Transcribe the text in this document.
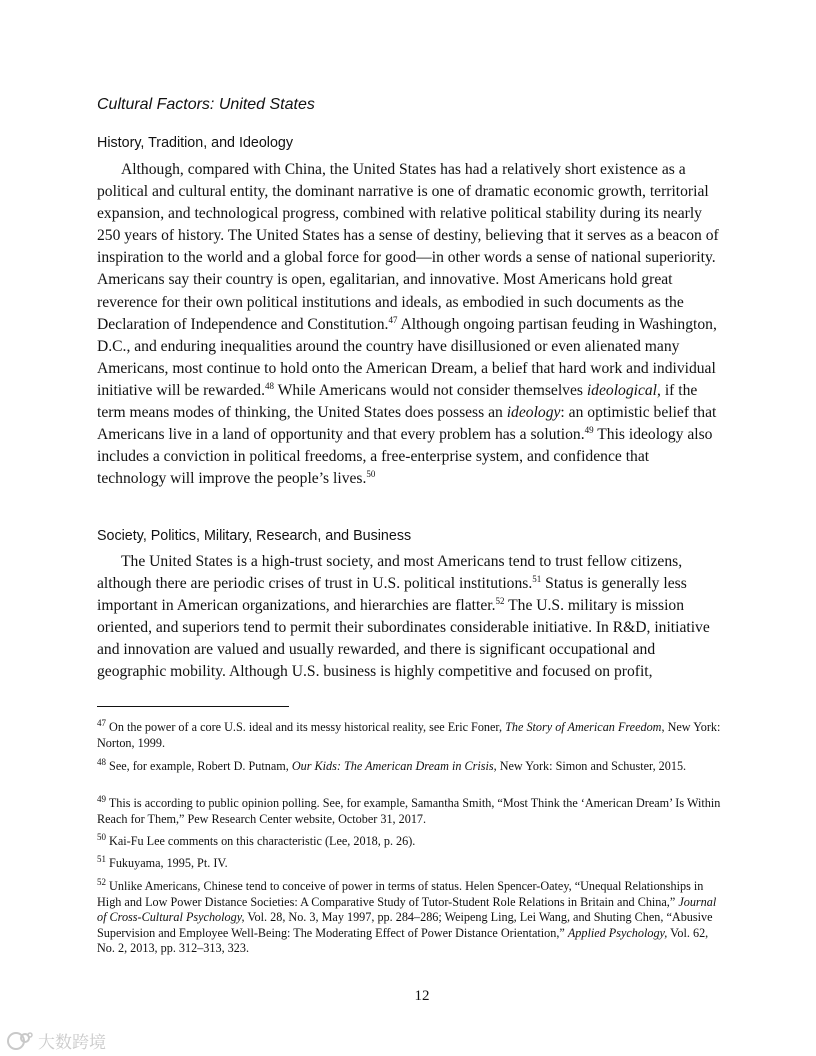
Cultural Factors: United States
History, Tradition, and Ideology

Although, compared with China, the United States has had a relatively short existence as a political and cultural entity, the dominant narrative is one of dramatic economic growth, territorial expansion, and technological progress, combined with relative political stability during its nearly 250 years of history. The United States has a sense of destiny, believing that it serves as a beacon of inspiration to the world and a global force for good—in other words a sense of national superiority. Americans say their country is open, egalitarian, and innovative. Most Americans hold great reverence for their own political institutions and ideals, as embodied in such documents as the Declaration of Independence and Constitution.$^{47}$ Although ongoing partisan feuding in Washington, D.C., and enduring inequalities around the country have disillusioned or even alienated many Americans, most continue to hold onto the American Dream, a belief that hard work and individual initiative will be rewarded.$^{48}$ While Americans would not consider themselves ideological, if the term means modes of thinking, the United States does possess an ideology: an optimistic belief that Americans live in a land of opportunity and that every problem has a solution.$^{49}$ This ideology also includes a conviction in political freedoms, a free-enterprise system, and confidence that technology will improve the people’s lives.$^{50}$

Society, Politics, Military, Research, and Business

The United States is a high-trust society, and most Americans tend to trust fellow citizens, although there are periodic crises of trust in U.S. political institutions.$^{51}$ Status is generally less important in American organizations, and hierarchies are flatter.$^{52}$ The U.S. military is mission oriented, and superiors tend to permit their subordinates considerable initiative. In R&D, initiative and innovation are valued and usually rewarded, and there is significant occupational and geographic mobility. Although U.S. business is highly competitive and focused on profit,

$^{47}$ On the power of a core U.S. ideal and its messy historical reality, see Eric Foner, The Story of American Freedom, New York: Norton, 1999.

$^{48}$ See, for example, Robert D. Putnam, Our Kids: The American Dream in Crisis, New York: Simon and Schuster, 2015.

$^{49}$ This is according to public opinion polling. See, for example, Samantha Smith, “Most Think the ‘American Dream’ Is Within Reach for Them,” Pew Research Center website, October 31, 2017.

$^{50}$ Kai-Fu Lee comments on this characteristic (Lee, 2018, p. 26).

$^{51}$ Fukuyama, 1995, Pt. IV.

$^{52}$ Unlike Americans, Chinese tend to conceive of power in terms of status. Helen Spencer-Oatey, “Unequal Relationships in High and Low Power Distance Societies: A Comparative Study of Tutor-Student Role Relations in Britain and China,” Journal of Cross-Cultural Psychology, Vol. 28, No. 3, May 1997, pp. 284–286; Weipeng Ling, Lei Wang, and Shuting Chen, “Abusive Supervision and Employee Well-Being: The Moderating Effect of Power Distance Orientation,” Applied Psychology, Vol. 62, No. 2, 2013, pp. 312–313, 323.

12
大数跨境
